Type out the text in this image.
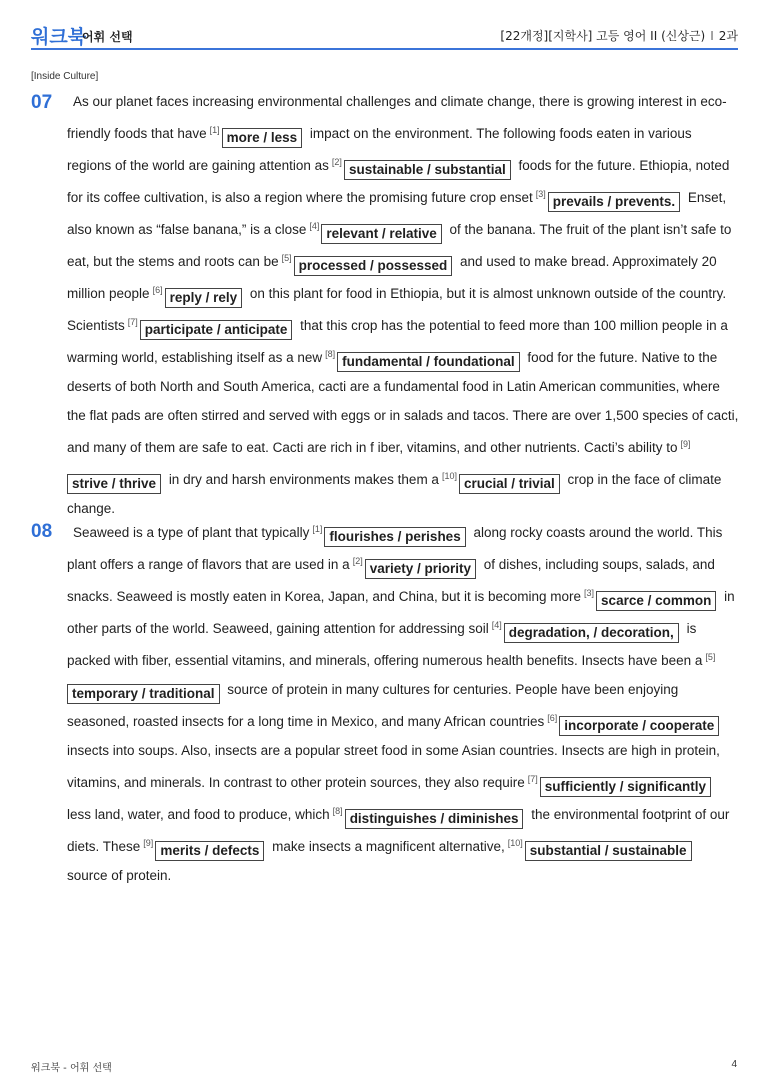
워크북
어휘 선택	[22개정][지학사] 고등 영어 II (신상근) I 2과
[Inside Culture]
07	As our planet faces increasing environmental challenges and climate change, there is growing interest in eco-friendly foods that have [1] more / less impact on the environment. The following foods eaten in various regions of the world are gaining attention as [2] sustainable / substantial foods for the future. Ethiopia, noted for its coffee cultivation, is also a region where the promising future crop enset [3] prevails / prevents. Enset, also known as “false banana,” is a close [4] relevant / relative of the banana. The fruit of the plant isn’t safe to eat, but the stems and roots can be [5] processed / possessed and used to make bread. Approximately 20 million people [6] reply / rely on this plant for food in Ethiopia, but it is almost unknown outside of the country. Scientists [7] participate / anticipate that this crop has the potential to feed more than 100 million people in a warming world, establishing itself as a new [8] fundamental / foundational food for the future. Native to the deserts of both North and South America, cacti are a fundamental food in Latin American communities, where the flat pads are often stirred and served with eggs or in salads and tacos. There are over 1,500 species of cacti, and many of them are safe to eat. Cacti are rich in f iber, vitamins, and other nutrients. Cacti’s ability to [9]strive / thrive in dry and harsh environments makes them a [10] crucial / trivial crop in the face of climate change.
08	Seaweed is a type of plant that typically [1] flourishes / perishes along rocky coasts around the world. This plant offers a range of flavors that are used in a [2] variety / priority of dishes, including soups, salads, and snacks. Seaweed is mostly eaten in Korea, Japan, and China, but it is becoming more [3] scarce / common in other parts of the world. Seaweed, gaining attention for addressing soil [4] degradation, / decoration, is packed with fiber, essential vitamins, and minerals, offering numerous health benefits. Insects have been a [5]temporary / traditional source of protein in many cultures for centuries. People have been enjoying seasoned, roasted insects for a long time in Mexico, and many African countries [6] incorporate / cooperate insects into soups. Also, insects are a popular street food in some Asian countries. Insects are high in protein, vitamins, and minerals. In contrast to other protein sources, they also require [7] sufficiently / significantly less land, water, and food to produce, which [8] distinguishes / diminishes the environmental footprint of our diets. These [9] merits / defects make insects a magnificent alternative, [10] substantial / sustainable source of protein.
워크북 - 어휘 선택	4
